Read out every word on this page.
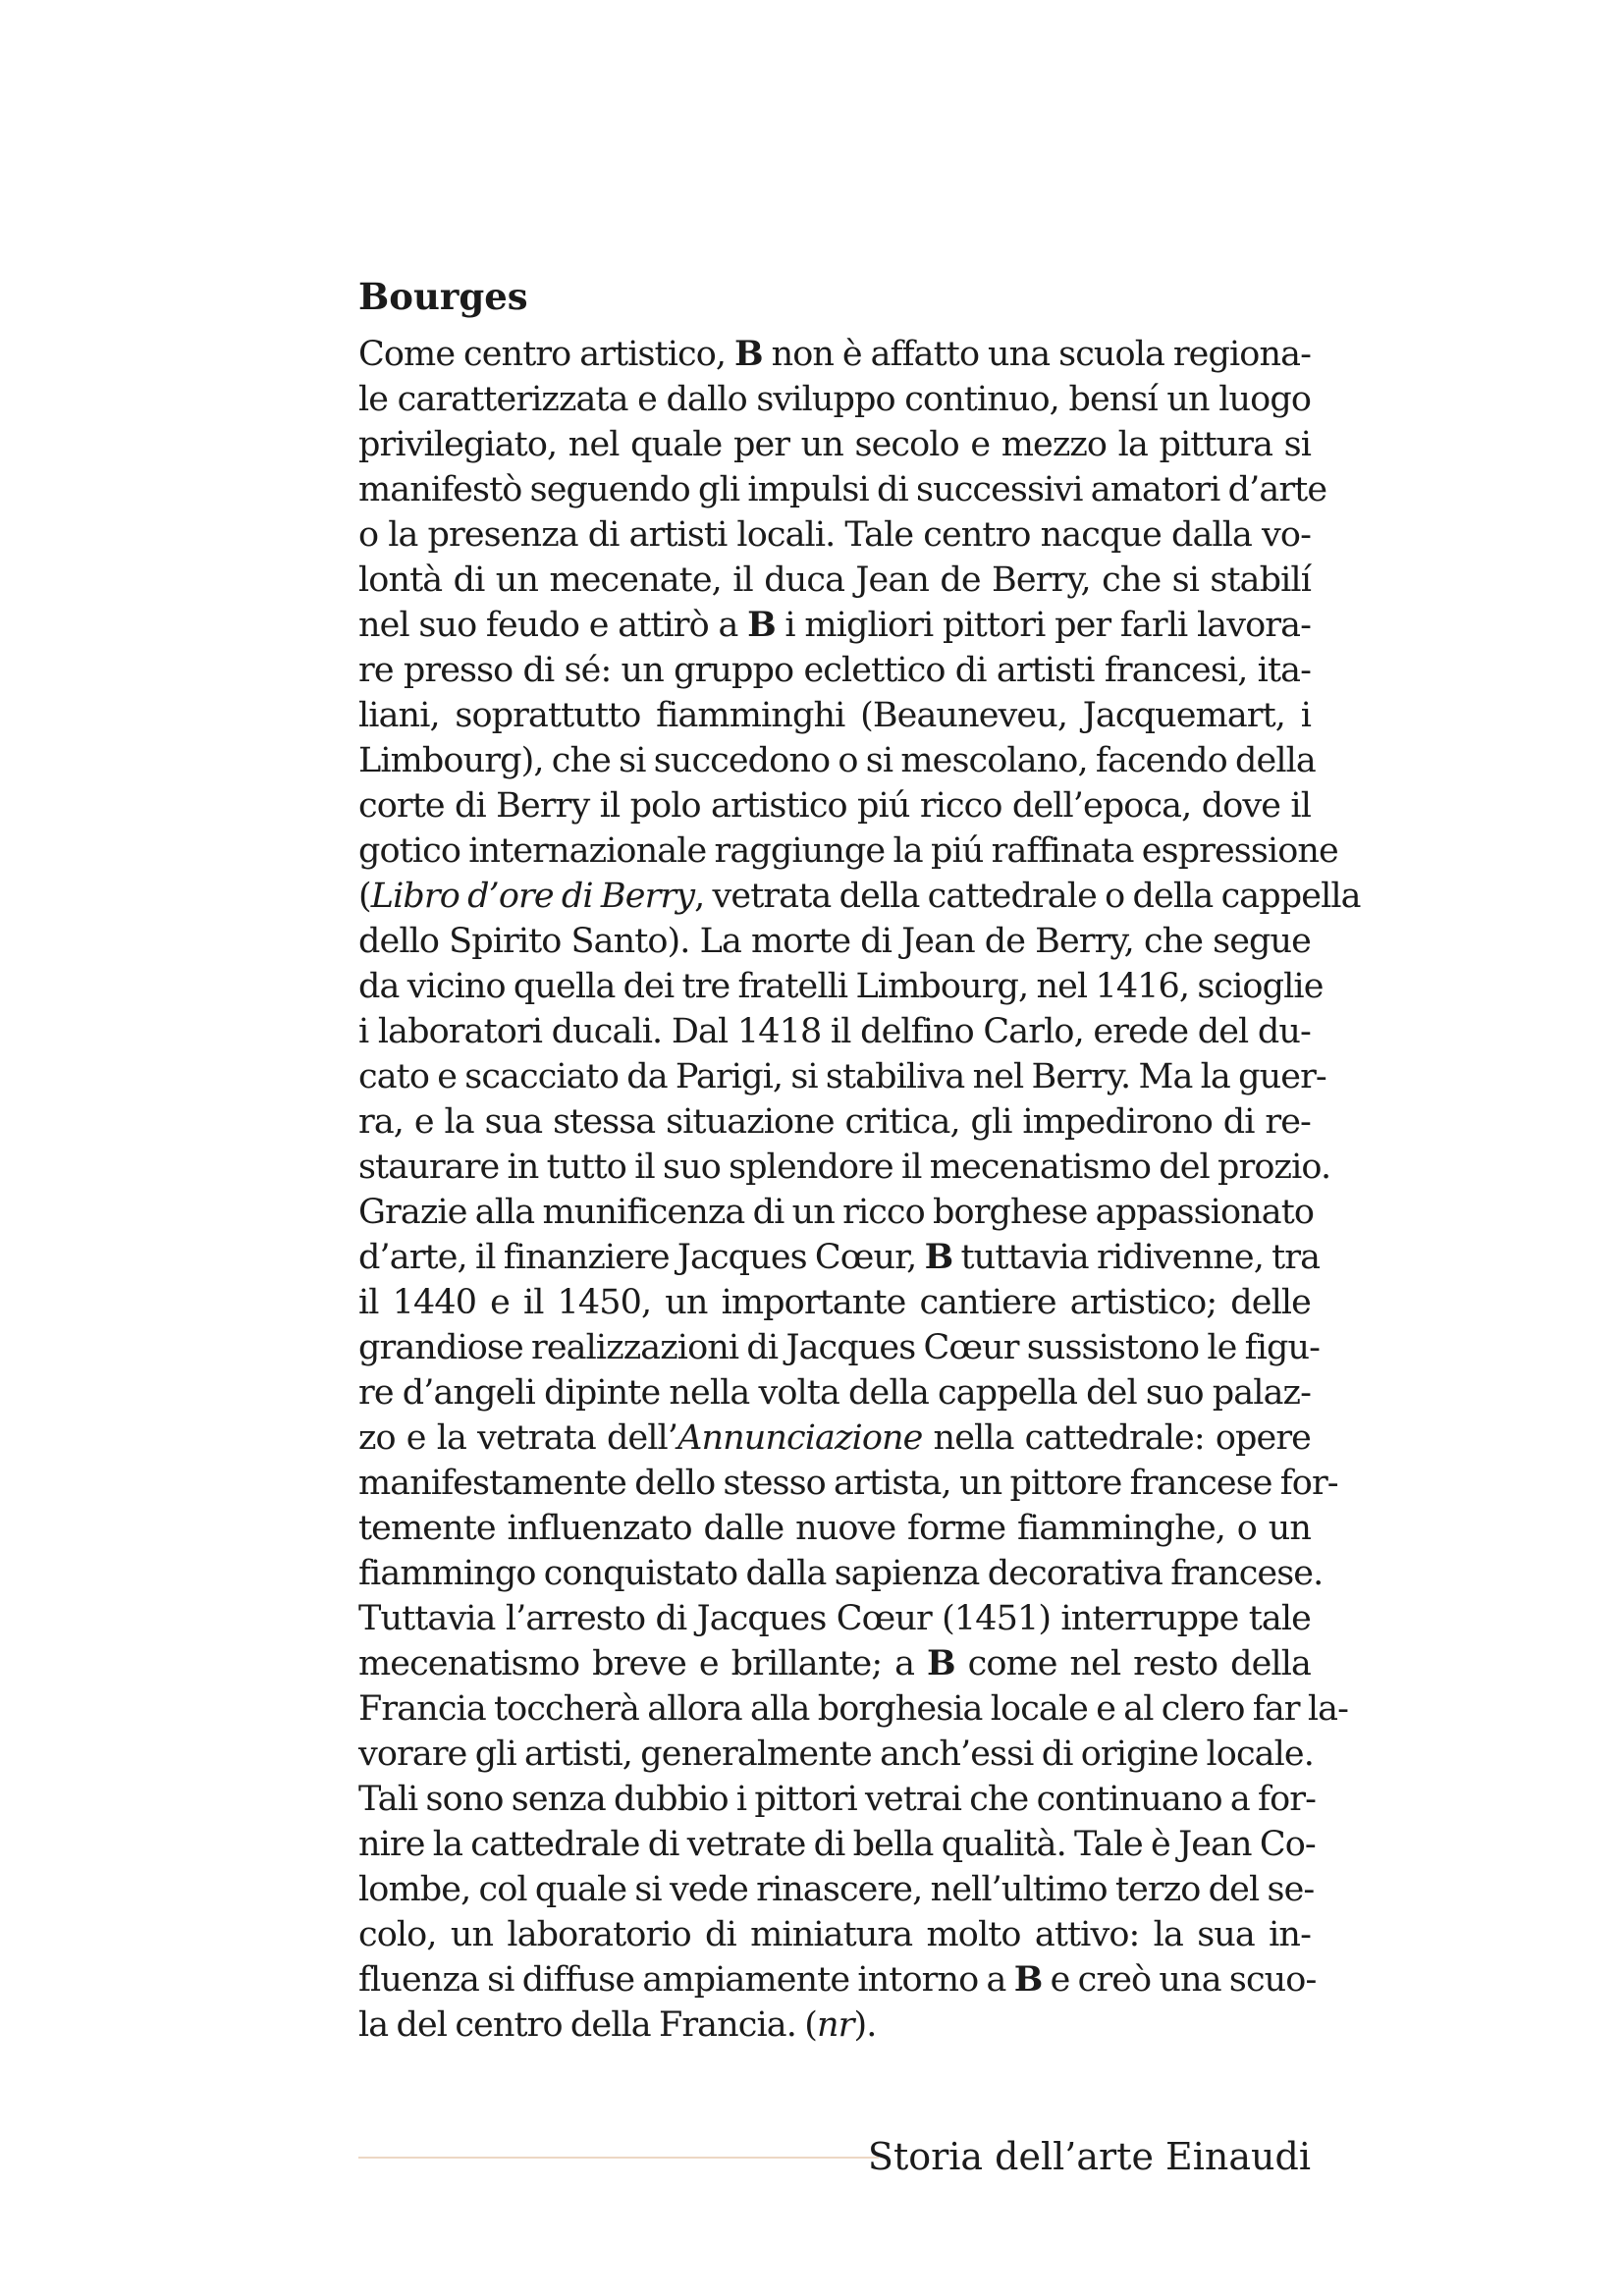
Bourges
Come centro artistico, B non è affatto una scuola regiona-
le caratterizzata e dallo sviluppo continuo, bensí un luogo
privilegiato, nel quale per un secolo e mezzo la pittura si
manifestò seguendo gli impulsi di successivi amatori d’arte
o la presenza di artisti locali. Tale centro nacque dalla vo-
lontà di un mecenate, il duca Jean de Berry, che si stabilí
nel suo feudo e attirò a B i migliori pittori per farli lavora-
re presso di sé: un gruppo eclettico di artisti francesi, ita-
liani, soprattutto fiamminghi (Beauneveu, Jacquemart, i
Limbourg), che si succedono o si mescolano, facendo della
corte di Berry il polo artistico piú ricco dell’epoca, dove il
gotico internazionale raggiunge la piú raffinata espressione
(Libro d’ore di Berry, vetrata della cattedrale o della cappella
dello Spirito Santo). La morte di Jean de Berry, che segue
da vicino quella dei tre fratelli Limbourg, nel 1416, scioglie
i laboratori ducali. Dal 1418 il delfino Carlo, erede del du-
cato e scacciato da Parigi, si stabiliva nel Berry. Ma la guer-
ra, e la sua stessa situazione critica, gli impedirono di re-
staurare in tutto il suo splendore il mecenatismo del prozio.
Grazie alla munificenza di un ricco borghese appassionato
d’arte, il finanziere Jacques Cœur, B tuttavia ridivenne, tra
il 1440 e il 1450, un importante cantiere artistico; delle
grandiose realizzazioni di Jacques Cœur sussistono le figu-
re d’angeli dipinte nella volta della cappella del suo palaz-
zo e la vetrata dell’Annunciazione nella cattedrale: opere
manifestamente dello stesso artista, un pittore francese for-
temente influenzato dalle nuove forme fiamminghe, o un
fiammingo conquistato dalla sapienza decorativa francese.
Tuttavia l’arresto di Jacques Cœur (1451) interruppe tale
mecenatismo breve e brillante; a B come nel resto della
Francia toccherà allora alla borghesia locale e al clero far la-
vorare gli artisti, generalmente anch’essi di origine locale.
Tali sono senza dubbio i pittori vetrai che continuano a for-
nire la cattedrale di vetrate di bella qualità. Tale è Jean Co-
lombe, col quale si vede rinascere, nell’ultimo terzo del se-
colo, un laboratorio di miniatura molto attivo: la sua in-
fluenza si diffuse ampiamente intorno a B e creò una scuo-
la del centro della Francia. (nr).
Storia dell’arte Einaudi
